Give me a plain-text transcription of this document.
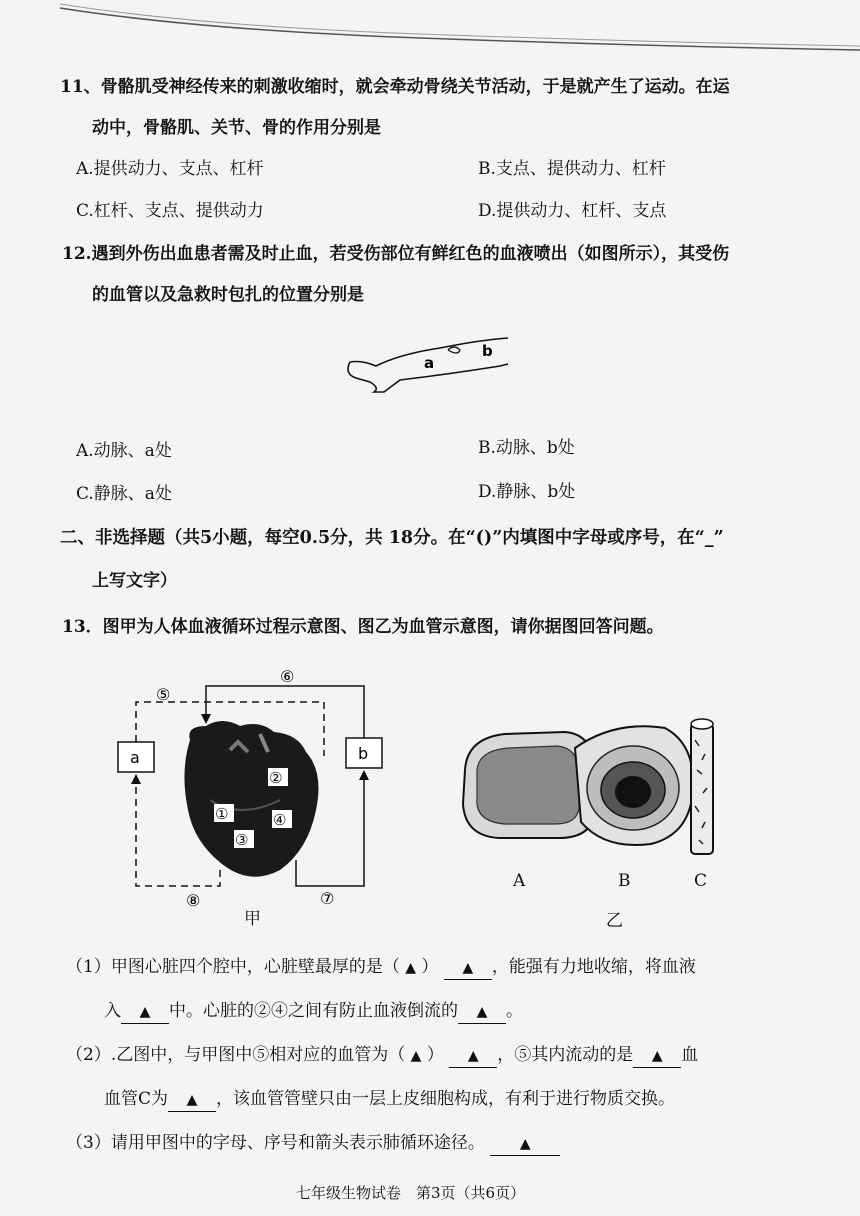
11、骨骼肌受神经传来的刺激收缩时，就会牵动骨绕关节活动，于是就产生了运动。在运
动中，骨骼肌、关节、骨的作用分别是
A.提供动力、支点、杠杆	B.支点、提供动力、杠杆
C.杠杆、支点、提供动力	D.提供动力、杠杆、支点
12.遇到外伤出血患者需及时止血，若受伤部位有鲜红色的血液喷出（如图所示），其受伤
的血管以及急救时包扎的位置分别是
a
b
A.动脉、a处	B.动脉、b处
C.静脉、a处	D.静脉、b处
二、非选择题（共5小题，每空0.5分，共 18分。在“()”内填图中字母或序号，在“_”
上写文字）
13．图甲为人体血液循环过程示意图、图乙为血管示意图，请你据图回答问题。
a	b
⑤
⑥
①
②
③
④
⑧	⑦
甲
A	B	C
乙
（1）甲图心脏四个腔中，心脏壁最厚的是（ ▲ ） ▲ ，能强有力地收缩，将血液
入 ▲ 中。心脏的②④之间有防止血液倒流的 ▲ 。
（2）.乙图中，与甲图中⑤相对应的血管为（ ▲ ） ▲ ，⑤其内流动的是 ▲ 血
血管C为 ▲ ，该血管管壁只由一层上皮细胞构成，有利于进行物质交换。
（3）请用甲图中的字母、序号和箭头表示肺循环途径。	▲
七年级生物试卷　第3页（共6页）
